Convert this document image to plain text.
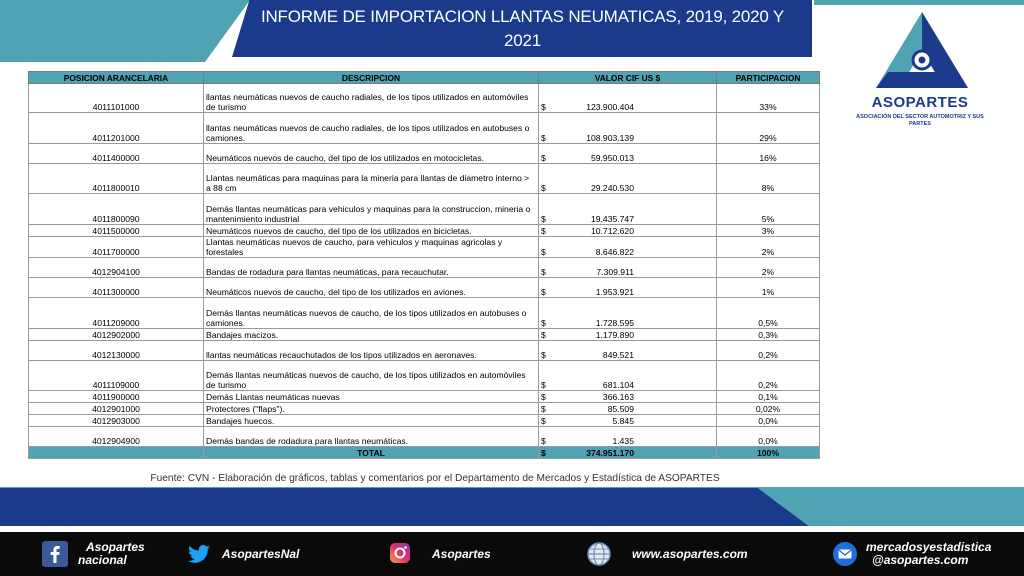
INFORME DE IMPORTACION LLANTAS NEUMATICAS, 2019, 2020 Y 2021
ASOPARTES
ASOCIACIÓN DEL SECTOR AUTOMOTRIZ Y SUS PARTES
POSICION ARANCELARIA	DESCRIPCION	VALOR CIF US $	PARTICIPACION
4011101000	llantas neumáticas nuevos de caucho radiales, de los tipos utilizados en automóviles de turismo	$ 123.900.404	33%
4011201000	llantas neumáticas nuevos de caucho radiales, de los tipos utilizados en autobuses o camiones.	$ 108.903.139	29%
4011400000	Neumáticos nuevos de caucho, del tipo de los utilizados en motocicletas.	$ 59.950.013	16%
4011800010	Llantas neumáticas para maquinas para la mineria para llantas de diametro interno > a 88 cm	$ 29.240.530	8%
4011800090	Demás llantas neumáticas para vehiculos y maquinas para la construccion, mineria o mantenimiento industrial	$ 19.435.747	5%
4011500000	Neumáticos nuevos de caucho, del tipo de los utilizados en bicicletas.	$ 10.712.620	3%
4011700000	Llantas neumáticas nuevos de caucho, para vehiculos y maquinas agricolas y forestales	$ 8.646.822	2%
4012904100	Bandas de rodadura para llantas neumáticas, para recauchutar.	$ 7.309.911	2%
4011300000	Neumáticos nuevos de caucho, del tipo de los utilizados en aviones.	$ 1.953.921	1%
4011209000	Demás llantas neumáticas nuevos de caucho, de los tipos utilizados en autobuses o camiones.	$ 1.728.595	0,5%
4012902000	Bandajes macizos.	$ 1.179.890	0,3%
4012130000	llantas neumáticas recauchutados de los tipos utilizados en aeronaves.	$ 849.521	0,2%
4011109000	Demás llantas neumáticas nuevos de caucho, de los tipos utilizados en automóviles de turismo	$ 681.104	0,2%
4011900000	Demás Llantas neumáticas nuevas	$ 366.163	0,1%
4012901000	Protectores ("flaps").	$ 85.509	0,02%
4012903000	Bandajes huecos.	$ 5.845	0,0%
4012904900	Demás bandas de rodadura para llantas neumáticas.	$ 1.435	0,0%
	TOTAL	$ 374.951.170	100%
Fuente: CVN - Elaboración de gráficos, tablas y comentarios por el Departamento de Mercados y Estadística de ASOPARTES
Asopartes
nacional	AsopartesNal	Asopartes	www.asopartes.com	mercadosyestadistica
@asopartes.com
